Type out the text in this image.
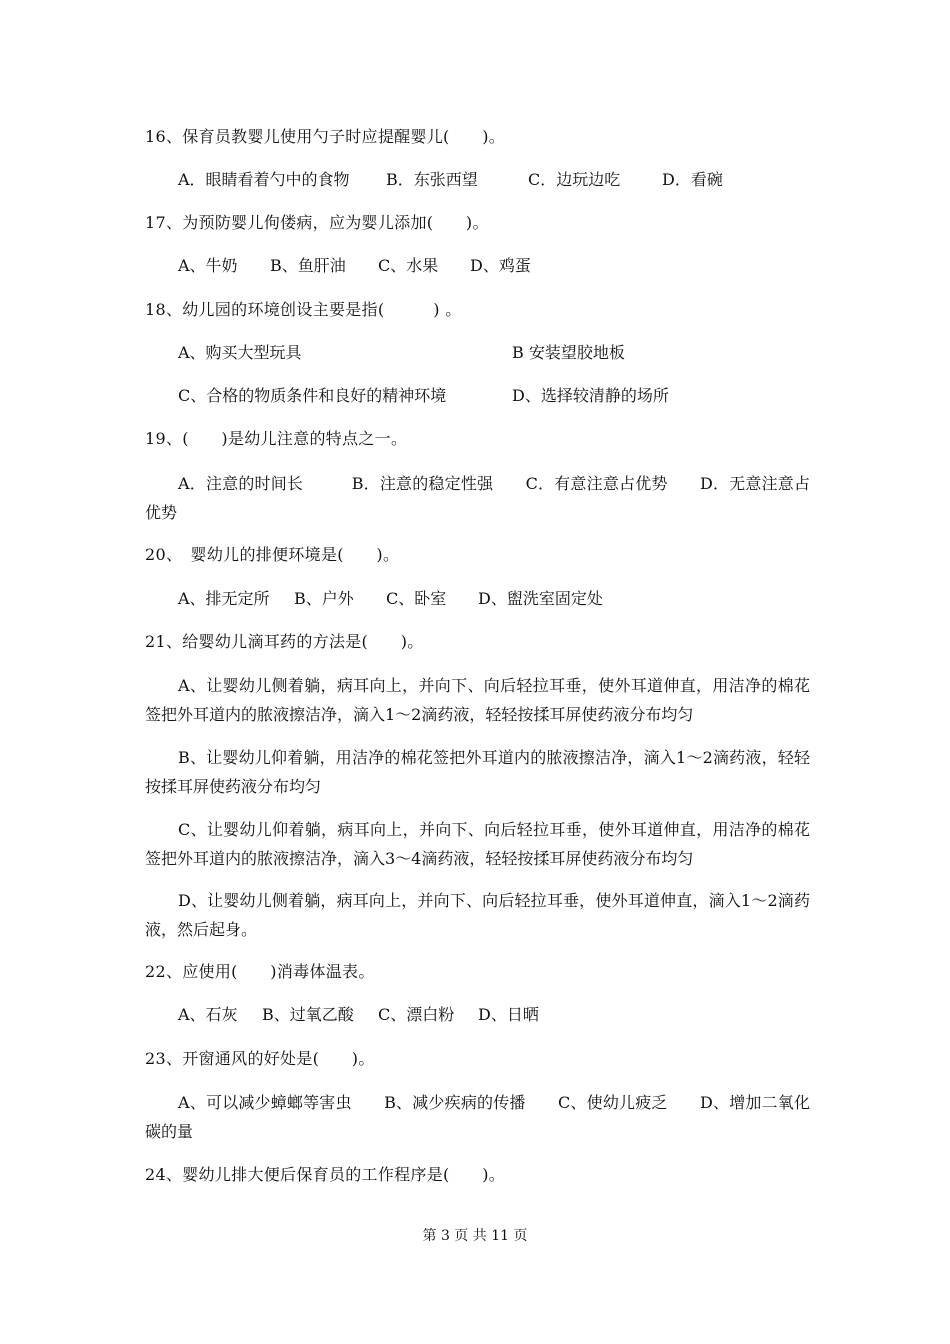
16、保育员教婴儿使用勺子时应提醒婴儿(　　)。
A．眼睛看着勺中的食物 B．东张西望	C．边玩边吃	D．看碗
17、为预防婴儿佝偻病，应为婴儿添加(　　)。
A、牛奶 B、鱼肝油 C、水果 D、鸡蛋
18、幼儿园的环境创设主要是指(　　　) 。
A、购买大型玩具	B 安装望胶地板
C、合格的物质条件和良好的精神环境	D、选择较清静的场所
19、(　　)是幼儿注意的特点之一。
A．注意的时间长　　　B．注意的稳定性强　　C．有意注意占优势　　D．无意注意占优势
20、　婴幼儿的排便环境是(　　)。
A、排无定所 B、户外 C、卧室 D、盥洗室固定处
21、给婴幼儿滴耳药的方法是(　　)。
A、让婴幼儿侧着躺，病耳向上，并向下、向后轻拉耳垂，使外耳道伸直，用洁净的棉花签把外耳道内的脓液擦洁净，滴入1～2滴药液，轻轻按揉耳屏使药液分布均匀
B、让婴幼儿仰着躺，用洁净的棉花签把外耳道内的脓液擦洁净，滴入1～2滴药液，轻轻按揉耳屏使药液分布均匀
C、让婴幼儿仰着躺，病耳向上，并向下、向后轻拉耳垂，使外耳道伸直，用洁净的棉花签把外耳道内的脓液擦洁净，滴入3～4滴药液，轻轻按揉耳屏使药液分布均匀
D、让婴幼儿侧着躺，病耳向上，并向下、向后轻拉耳垂，使外耳道伸直，滴入1～2滴药液，然后起身。
22、应使用(　　)消毒体温表。
A、石灰 B、过氧乙酸 C、漂白粉 D、日晒
23、开窗通风的好处是(　　)。
A、可以减少蟑螂等害虫　　B、减少疾病的传播　　C、使幼儿疲乏　　D、增加二氧化碳的量
24、婴幼儿排大便后保育员的工作程序是(　　)。
第 3 页 共 11 页
